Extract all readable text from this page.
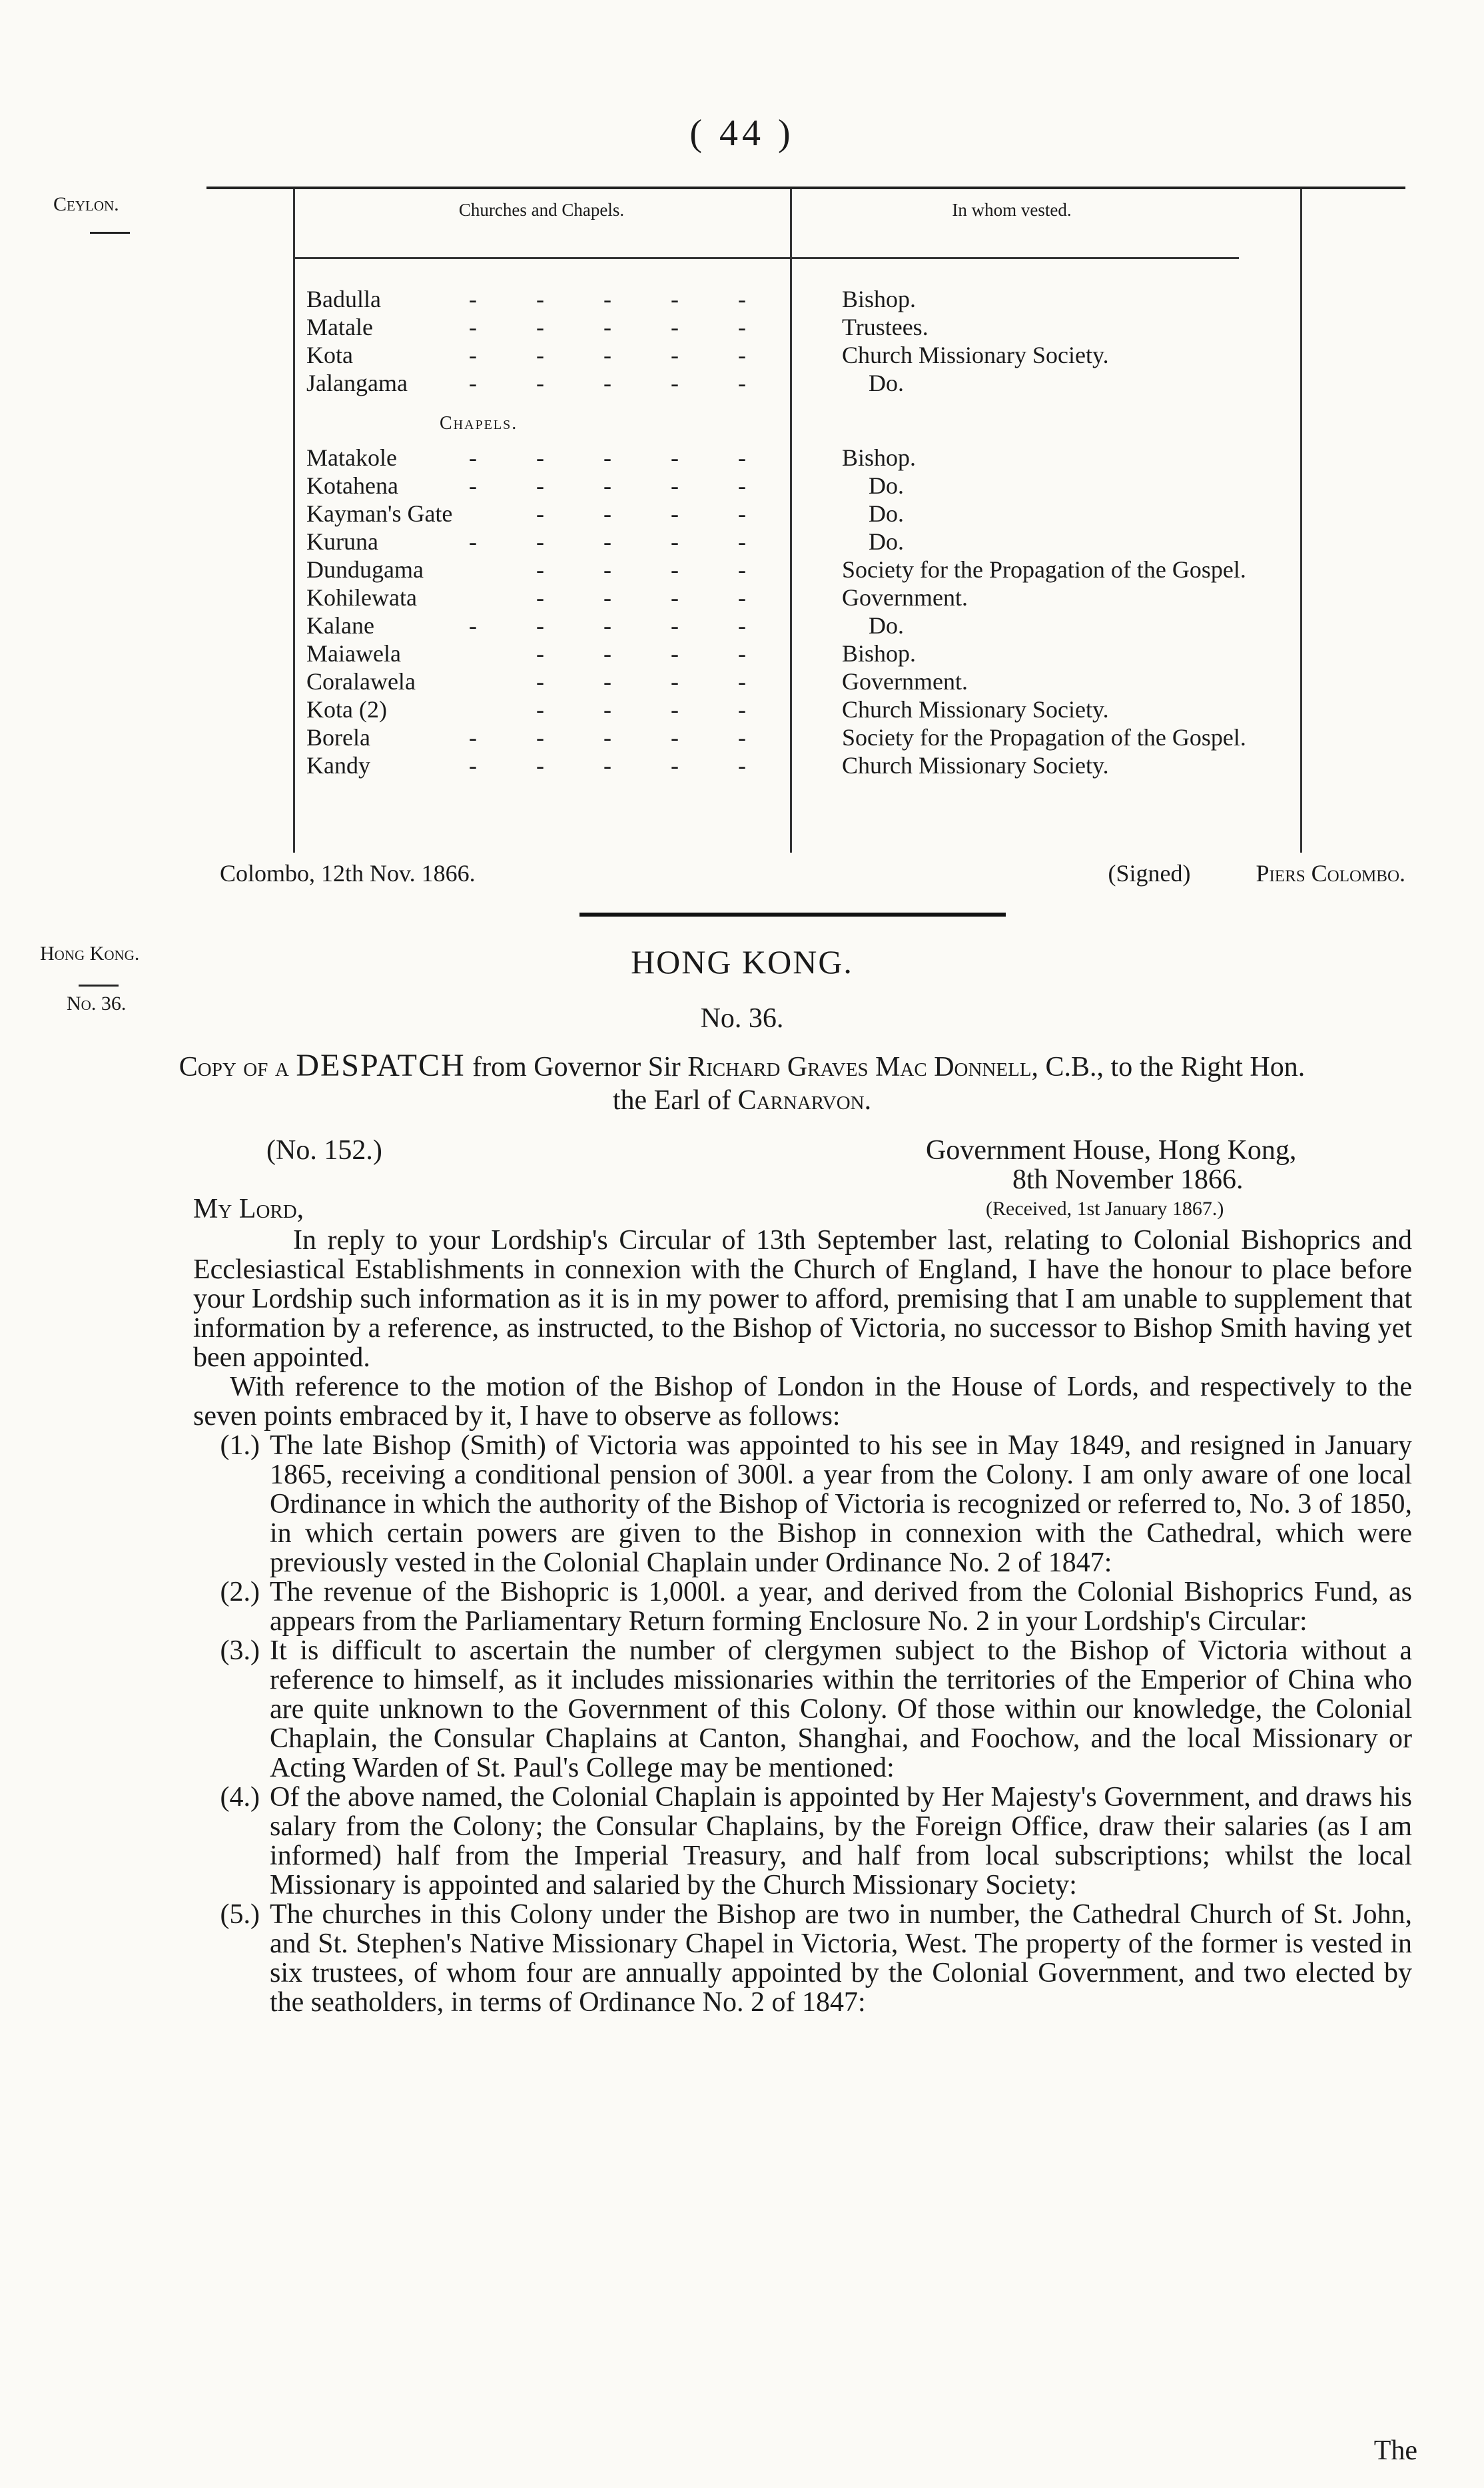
( 44 )
Ceylon.	Churches and Chapels.	In whom vested.
Badulla	- - - - -	Bishop.
Matale	- - - - -	Trustees.
Kota	- - - - -	Church Missionary Society.
Jalangama	- - - - -	Do.
Chapels.
Matakole	- - - - -	Bishop.
Kotahena	- - - - -	Do.
Kayman's Gate	- - - -	Do.
Kuruna	- - - - -	Do.
Dundugama	- - - -	Society for the Propagation of the Gospel.
Kohilewata	- - - -	Government.
Kalane	- - - - -	Do.
Maiawela	- - - -	Bishop.
Coralawela	- - - -	Government.
Kota (2)	- - - -	Church Missionary Society.
Borela	- - - - -	Society for the Propagation of the Gospel.
Kandy	- - - - -	Church Missionary Society.
Colombo, 12th Nov. 1866.	(Signed)	Piers Colombo.
Hong Kong.
No. 36.
HONG KONG.
No. 36.
Copy of a DESPATCH from Governor Sir Richard Graves Mac Donnell, C.B., to the Right Hon. the Earl of Carnarvon.
(No. 152.)	Government House, Hong Kong,
8th November 1866.
My Lord,	(Received, 1st January 1867.)

In reply to your Lordship's Circular of 13th September last, relating to Colonial Bishoprics and Ecclesiastical Establishments in connexion with the Church of England, I have the honour to place before your Lordship such information as it is in my power to afford, premising that I am unable to supplement that information by a reference, as instructed, to the Bishop of Victoria, no successor to Bishop Smith having yet been appointed.

With reference to the motion of the Bishop of London in the House of Lords, and respectively to the seven points embraced by it, I have to observe as follows:

(1.) The late Bishop (Smith) of Victoria was appointed to his see in May 1849, and resigned in January 1865, receiving a conditional pension of 300l. a year from the Colony. I am only aware of one local Ordinance in which the authority of the Bishop of Victoria is recognized or referred to, No. 3 of 1850, in which certain powers are given to the Bishop in connexion with the Cathedral, which were previously vested in the Colonial Chaplain under Ordinance No. 2 of 1847:
(2.) The revenue of the Bishopric is 1,000l. a year, and derived from the Colonial Bishoprics Fund, as appears from the Parliamentary Return forming Enclosure No. 2 in your Lordship's Circular:
(3.) It is difficult to ascertain the number of clergymen subject to the Bishop of Victoria without a reference to himself, as it includes missionaries within the territories of the Emperior of China who are quite unknown to the Government of this Colony. Of those within our knowledge, the Colonial Chaplain, the Consular Chaplains at Canton, Shanghai, and Foochow, and the local Missionary or Acting Warden of St. Paul's College may be mentioned:
(4.) Of the above named, the Colonial Chaplain is appointed by Her Majesty's Government, and draws his salary from the Colony; the Consular Chaplains, by the Foreign Office, draw their salaries (as I am informed) half from the Imperial Treasury, and half from local subscriptions; whilst the local Missionary is appointed and salaried by the Church Missionary Society:
(5.) The churches in this Colony under the Bishop are two in number, the Cathedral Church of St. John, and St. Stephen's Native Missionary Chapel in Victoria, West. The property of the former is vested in six trustees, of whom four are annually appointed by the Colonial Government, and two elected by the seatholders, in terms of Ordinance No. 2 of 1847:
The
